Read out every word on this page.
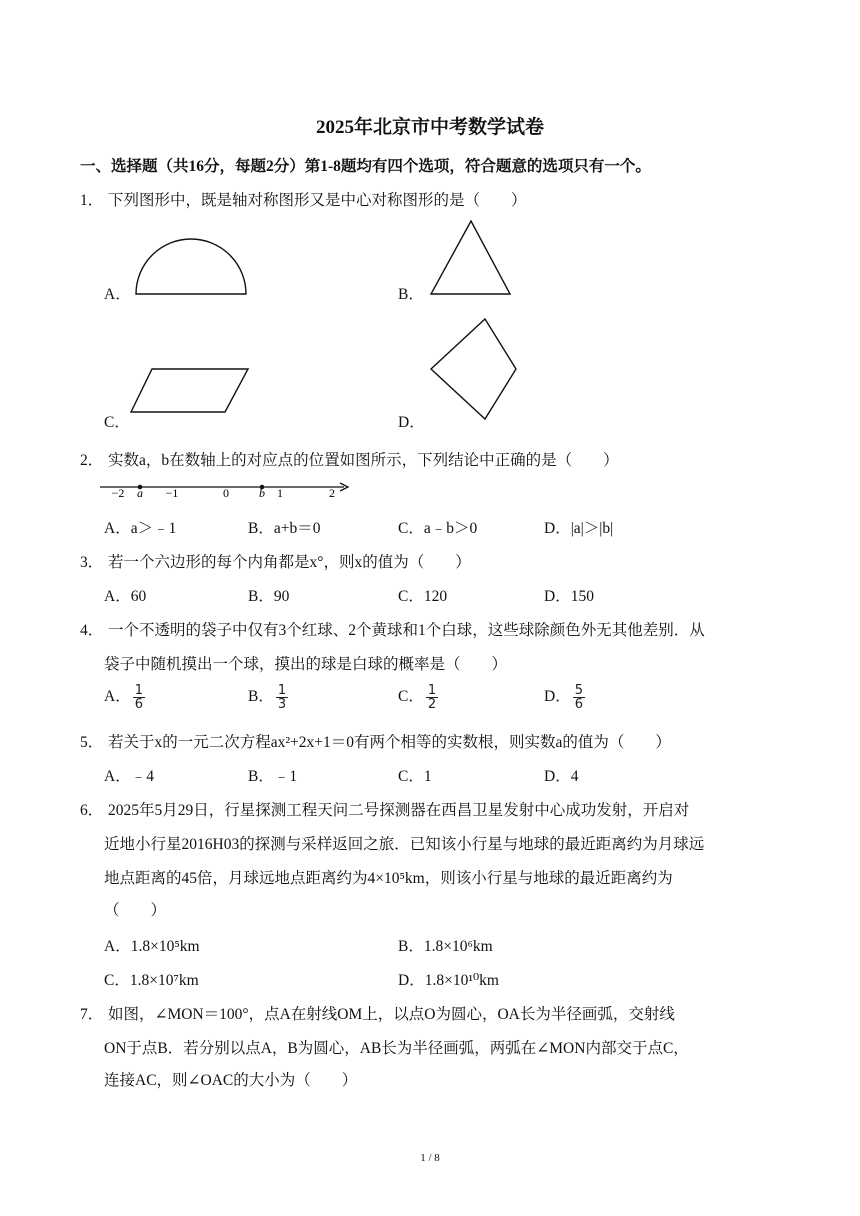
2025年北京市中考数学试卷
一、选择题（共16分，每题2分）第1-8题均有四个选项，符合题意的选项只有一个。
1． 下列图形中，既是轴对称图形又是中心对称图形的是（　　）
A．	B．
C．	D．
2． 实数a，b在数轴上的对应点的位置如图所示，下列结论中正确的是（　　）
−2 a −1	0	b 1	2
A．a＞﹣1	B．a+b＝0	C．a﹣b＞0	D．|a|＞|b|
3． 若一个六边形的每个内角都是x°，则x的值为（　　）
A．60	B．90	C．120	D．150
4． 一个不透明的袋子中仅有3个红球、2个黄球和1个白球，这些球除颜色外无其他差别．从
袋子中随机摸出一个球，摸出的球是白球的概率是（　　）
A． $\frac{1}{6}$	B． $\frac{1}{3}$	C． $\frac{1}{2}$	D． $\frac{5}{6}$
5． 若关于x的一元二次方程ax²+2x+1＝0有两个相等的实数根，则实数a的值为（　　）
A．﹣4	B．﹣1	C．1	D．4
6． 2025年5月29日，行星探测工程天问二号探测器在西昌卫星发射中心成功发射，开启对
近地小行星2016H03的探测与采样返回之旅．已知该小行星与地球的最近距离约为月球远
地点距离的45倍，月球远地点距离约为4×10⁵km，则该小行星与地球的最近距离约为
（　　）
A．1.8×10⁵km	B．1.8×10⁶km
C．1.8×10⁷km	D．1.8×10¹⁰km
7． 如图，∠MON＝100°，点A在射线OM上，以点O为圆心，OA长为半径画弧，交射线
ON于点B．若分别以点A，B为圆心，AB长为半径画弧，两弧在∠MON内部交于点C，
连接AC，则∠OAC的大小为（　　）
1 / 8
